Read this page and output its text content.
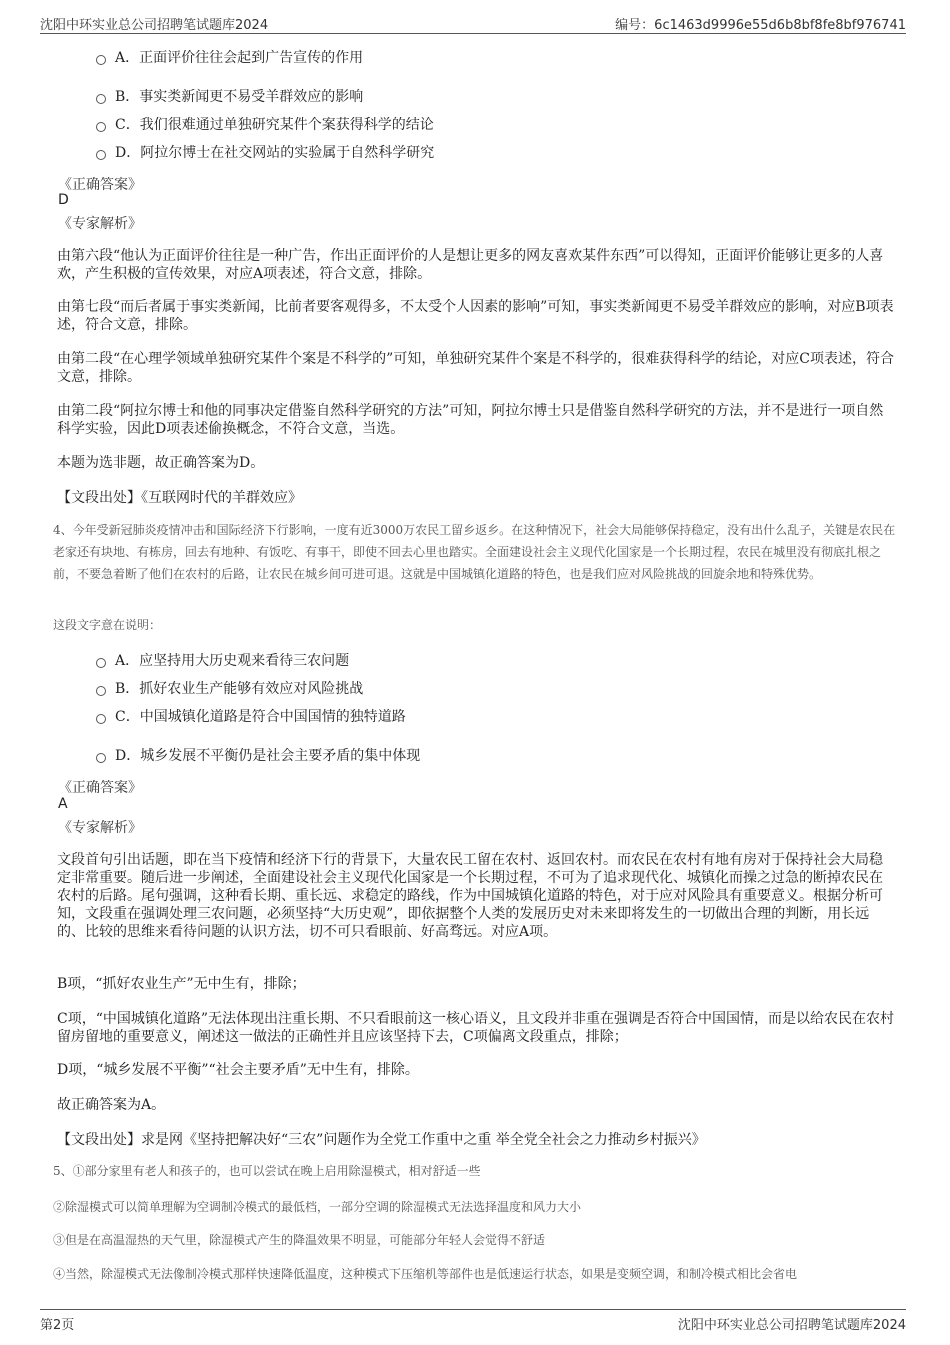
沈阳中环实业总公司招聘笔试题库2024	编号：6c1463d9996e55d6b8bf8fe8bf976741
A．正面评价往往会起到广告宣传的作用
B．事实类新闻更不易受羊群效应的影响
C．我们很难通过单独研究某件个案获得科学的结论
D．阿拉尔博士在社交网站的实验属于自然科学研究
《正确答案》
D
《专家解析》
由第六段“他认为正面评价往往是一种广告，作出正面评价的人是想让更多的网友喜欢某件东西”可以得知，正面评价能够让更多的人喜欢，产生积极的宣传效果，对应A项表述，符合文意，排除。
由第七段“而后者属于事实类新闻，比前者要客观得多，不太受个人因素的影响”可知，事实类新闻更不易受羊群效应的影响，对应B项表述，符合文意，排除。
由第二段“在心理学领域单独研究某件个案是不科学的”可知，单独研究某件个案是不科学的，很难获得科学的结论，对应C项表述，符合文意，排除。
由第二段“阿拉尔博士和他的同事决定借鉴自然科学研究的方法”可知，阿拉尔博士只是借鉴自然科学研究的方法，并不是进行一项自然科学实验，因此D项表述偷换概念，不符合文意，当选。
本题为选非题，故正确答案为D。
【文段出处】《互联网时代的羊群效应》
4、今年受新冠肺炎疫情冲击和国际经济下行影响，一度有近3000万农民工留乡返乡。在这种情况下，社会大局能够保持稳定，没有出什么乱子，关键是农民在老家还有块地、有栋房，回去有地种、有饭吃、有事干，即使不回去心里也踏实。全面建设社会主义现代化国家是一个长期过程，农民在城里没有彻底扎根之前，不要急着断了他们在农村的后路，让农民在城乡间可进可退。这就是中国城镇化道路的特色，也是我们应对风险挑战的回旋余地和特殊优势。
这段文字意在说明：
A．应坚持用大历史观来看待三农问题
B．抓好农业生产能够有效应对风险挑战
C．中国城镇化道路是符合中国国情的独特道路
D．城乡发展不平衡仍是社会主要矛盾的集中体现
《正确答案》
A
《专家解析》
文段首句引出话题，即在当下疫情和经济下行的背景下，大量农民工留在农村、返回农村。而农民在农村有地有房对于保持社会大局稳定非常重要。随后进一步阐述，全面建设社会主义现代化国家是一个长期过程，不可为了追求现代化、城镇化而操之过急的断掉农民在农村的后路。尾句强调，这种看长期、重长远、求稳定的路线，作为中国城镇化道路的特色，对于应对风险具有重要意义。根据分析可知，文段重在强调处理三农问题，必须坚持“大历史观”，即依据整个人类的发展历史对未来即将发生的一切做出合理的判断，用长远的、比较的思维来看待问题的认识方法，切不可只看眼前、好高骛远。对应A项。
B项，“抓好农业生产”无中生有，排除；
C项，“中国城镇化道路”无法体现出注重长期、不只看眼前这一核心语义，且文段并非重在强调是否符合中国国情，而是以给农民在农村留房留地的重要意义，阐述这一做法的正确性并且应该坚持下去，C项偏离文段重点，排除；
D项，“城乡发展不平衡”“社会主要矛盾”无中生有，排除。
故正确答案为A。
【文段出处】求是网《坚持把解决好“三农”问题作为全党工作重中之重 举全党全社会之力推动乡村振兴》
5、①部分家里有老人和孩子的，也可以尝试在晚上启用除湿模式，相对舒适一些
②除湿模式可以简单理解为空调制冷模式的最低档，一部分空调的除湿模式无法选择温度和风力大小
③但是在高温湿热的天气里，除湿模式产生的降温效果不明显，可能部分年轻人会觉得不舒适
④当然，除湿模式无法像制冷模式那样快速降低温度，这种模式下压缩机等部件也是低速运行状态，如果是变频空调，和制冷模式相比会省电
第2页	沈阳中环实业总公司招聘笔试题库2024
